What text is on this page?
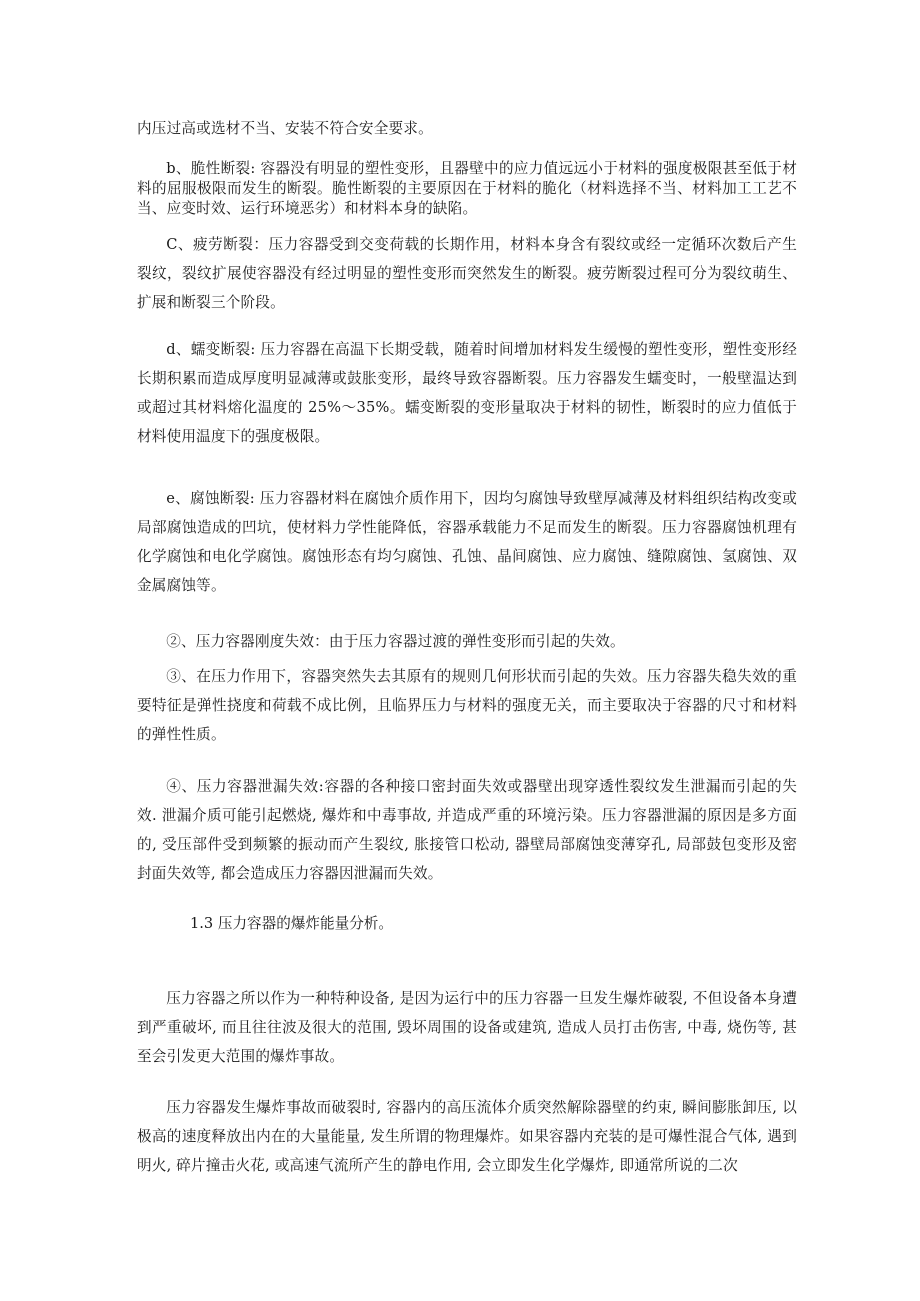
内压过高或选材不当、安装不符合安全要求。

b、脆性断裂: 容器没有明显的塑性变形，且器壁中的应力值远远小于材料的强度极限甚至低于材料的屈服极限而发生的断裂。脆性断裂的主要原因在于材料的脆化（材料选择不当、材料加工工艺不当、应变时效、运行环境恶劣）和材料本身的缺陷。

C、疲劳断裂：压力容器受到交变荷载的长期作用，材料本身含有裂纹或经一定循环次数后产生裂纹，裂纹扩展使容器没有经过明显的塑性变形而突然发生的断裂。疲劳断裂过程可分为裂纹萌生、扩展和断裂三个阶段。

d、蠕变断裂: 压力容器在高温下长期受载，随着时间增加材料发生缓慢的塑性变形，塑性变形经长期积累而造成厚度明显减薄或鼓胀变形，最终导致容器断裂。压力容器发生蠕变时，一般壁温达到或超过其材料熔化温度的 25%～35%。蠕变断裂的变形量取决于材料的韧性，断裂时的应力值低于材料使用温度下的强度极限。

e、腐蚀断裂: 压力容器材料在腐蚀介质作用下，因均匀腐蚀导致壁厚减薄及材料组织结构改变或局部腐蚀造成的凹坑，使材料力学性能降低，容器承载能力不足而发生的断裂。压力容器腐蚀机理有化学腐蚀和电化学腐蚀。腐蚀形态有均匀腐蚀、孔蚀、晶间腐蚀、应力腐蚀、缝隙腐蚀、氢腐蚀、双金属腐蚀等。

②、压力容器刚度失效：由于压力容器过渡的弹性变形而引起的失效。

③、在压力作用下，容器突然失去其原有的规则几何形状而引起的失效。压力容器失稳失效的重要特征是弹性挠度和荷载不成比例，且临界压力与材料的强度无关，而主要取决于容器的尺寸和材料的弹性性质。

④、压力容器泄漏失效:容器的各种接口密封面失效或器壁出现穿透性裂纹发生泄漏而引起的失效. 泄漏介质可能引起燃烧, 爆炸和中毒事故, 并造成严重的环境污染。压力容器泄漏的原因是多方面的, 受压部件受到频繁的振动而产生裂纹, 胀接管口松动, 器壁局部腐蚀变薄穿孔, 局部鼓包变形及密封面失效等, 都会造成压力容器因泄漏而失效。

1.3 压力容器的爆炸能量分析。

压力容器之所以作为一种特种设备, 是因为运行中的压力容器一旦发生爆炸破裂, 不但设备本身遭到严重破坏, 而且往往波及很大的范围, 毁坏周围的设备或建筑, 造成人员打击伤害, 中毒, 烧伤等, 甚至会引发更大范围的爆炸事故。

压力容器发生爆炸事故而破裂时, 容器内的高压流体介质突然解除器壁的约束, 瞬间膨胀卸压, 以极高的速度释放出内在的大量能量, 发生所谓的物理爆炸。如果容器内充装的是可爆性混合气体, 遇到明火, 碎片撞击火花, 或高速气流所产生的静电作用, 会立即发生化学爆炸, 即通常所说的二次
